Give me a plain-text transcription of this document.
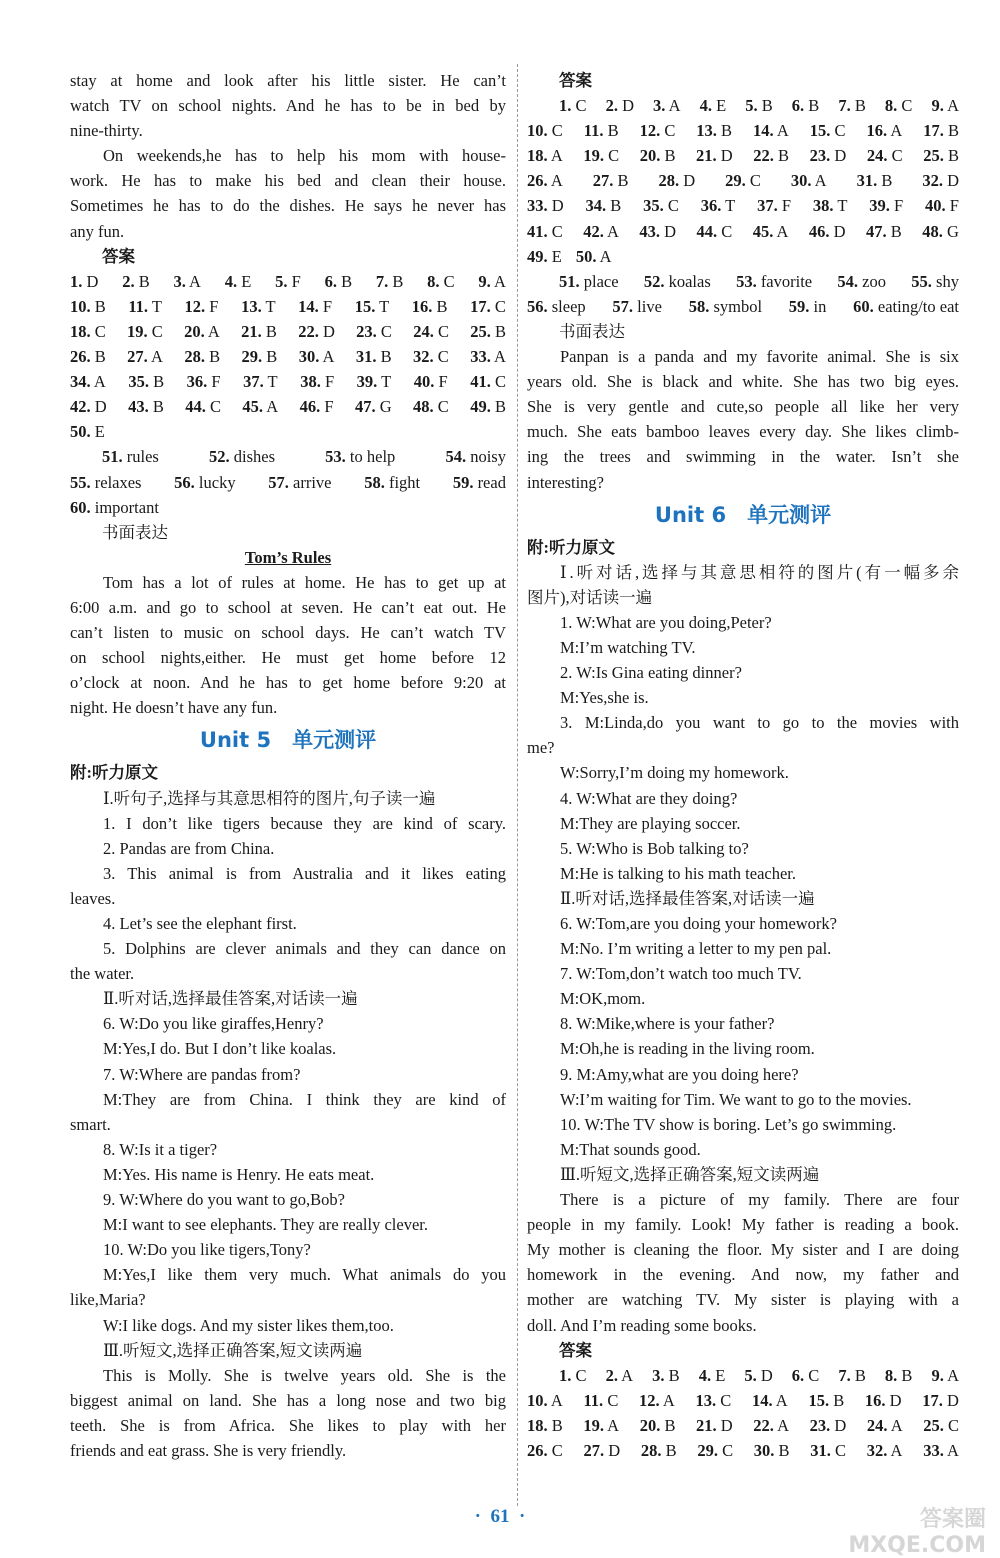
stay at home and look after his little sister. He can’t
watch TV on school nights. And he has to be in bed by
nine-thirty.
On weekends,he has to help his mom with house-
work. He has to make his bed and clean their house.
Sometimes he has to do the dishes. He says he never has
any fun.
答案
1. D 2. B 3. A 4. E 5. F 6. B 7. B 8. C 9. A
10. B 11. T 12. F 13. T 14. F 15. T 16. B 17. C
18. C 19. C 20. A 21. B 22. D 23. C 24. C 25. B
26. B 27. A 28. B 29. B 30. A 31. B 32. C 33. A
34. A 35. B 36. F 37. T 38. F 39. T 40. F 41. C
42. D 43. B 44. C 45. A 46. F 47. G 48. C 49. B
50. E
51. rules	52. dishes	53. to help	54. noisy
55. relaxes 56. lucky 57. arrive 58. fight 59. read
60. important
书面表达
Tom’s Rules
Tom has a lot of rules at home. He has to get up at
6:00 a.m. and go to school at seven. He can’t eat out. He
can’t listen to music on school days. He can’t watch TV
on school nights,either. He must get home before 12
o’clock at noon. And he has to get home before 9:20 at
night. He doesn’t have any fun.
Unit 5　单元测评
附:听力原文
Ⅰ.听句子,选择与其意思相符的图片,句子读一遍
1. I don’t like tigers because they are kind of scary.
2. Pandas are from China.
3. This animal is from Australia and it likes eating
leaves.
4. Let’s see the elephant first.
5. Dolphins are clever animals and they can dance on
the water.
Ⅱ.听对话,选择最佳答案,对话读一遍
6. W:Do you like giraffes,Henry?
M:Yes,I do. But I don’t like koalas.
7. W:Where are pandas from?
M:They are from China. I think they are kind of
smart.
8. W:Is it a tiger?
M:Yes. His name is Henry. He eats meat.
9. W:Where do you want to go,Bob?
M:I want to see elephants. They are really clever.
10. W:Do you like tigers,Tony?
M:Yes,I like them very much. What animals do you
like,Maria?
W:I like dogs. And my sister likes them,too.
Ⅲ.听短文,选择正确答案,短文读两遍
This is Molly. She is twelve years old. She is the
biggest animal on land. She has a long nose and two big
teeth. She is from Africa. She likes to play with her
friends and eat grass. She is very friendly.
答案
1. C 2. D 3. A 4. E 5. B 6. B 7. B 8. C 9. A
10. C 11. B 12. C 13. B 14. A 15. C 16. A 17. B
18. A 19. C 20. B 21. D 22. B 23. D 24. C 25. B
26. A 27. B 28. D 29. C 30. A 31. B 32. D
33. D 34. B 35. C 36. T 37. F 38. T 39. F 40. F
41. C 42. A 43. D 44. C 45. A 46. D 47. B 48. G
49. E 50. A
51. place 52. koalas 53. favorite 54. zoo 55. shy
56. sleep 57. live 58. symbol 59. in 60. eating/to eat
书面表达
Panpan is a panda and my favorite animal. She is six
years old. She is black and white. She has two big eyes.
She is very gentle and cute,so people all like her very
much. She eats bamboo leaves every day. She likes climb-
ing the trees and swimming in the water. Isn’t she
interesting?
Unit 6　单元测评
附:听力原文
Ⅰ.听对话,选择与其意思相符的图片(有一幅多余
图片),对话读一遍
1. W:What are you doing,Peter?
M:I’m watching TV.
2. W:Is Gina eating dinner?
M:Yes,she is.
3. M:Linda,do you want to go to the movies with
me?
W:Sorry,I’m doing my homework.
4. W:What are they doing?
M:They are playing soccer.
5. W:Who is Bob talking to?
M:He is talking to his math teacher.
Ⅱ.听对话,选择最佳答案,对话读一遍
6. W:Tom,are you doing your homework?
M:No. I’m writing a letter to my pen pal.
7. W:Tom,don’t watch too much TV.
M:OK,mom.
8. W:Mike,where is your father?
M:Oh,he is reading in the living room.
9. M:Amy,what are you doing here?
W:I’m waiting for Tim. We want to go to the movies.
10. W:The TV show is boring. Let’s go swimming.
M:That sounds good.
Ⅲ.听短文,选择正确答案,短文读两遍
There is a picture of my family. There are four
people in my family. Look! My father is reading a book.
My mother is cleaning the floor. My sister and I are doing
homework in the evening. And now, my father and
mother are watching TV. My sister is playing with a
doll. And I’m reading some books.
答案
1. C 2. A 3. B 4. E 5. D 6. C 7. B 8. B 9. A
10. A 11. C 12. A 13. C 14. A 15. B 16. D 17. D
18. B 19. A 20. B 21. D 22. A 23. D 24. A 25. C
26. C 27. D 28. B 29. C 30. B 31. C 32. A 33. A
·  61  ·	答案圈 MXQE.COM
